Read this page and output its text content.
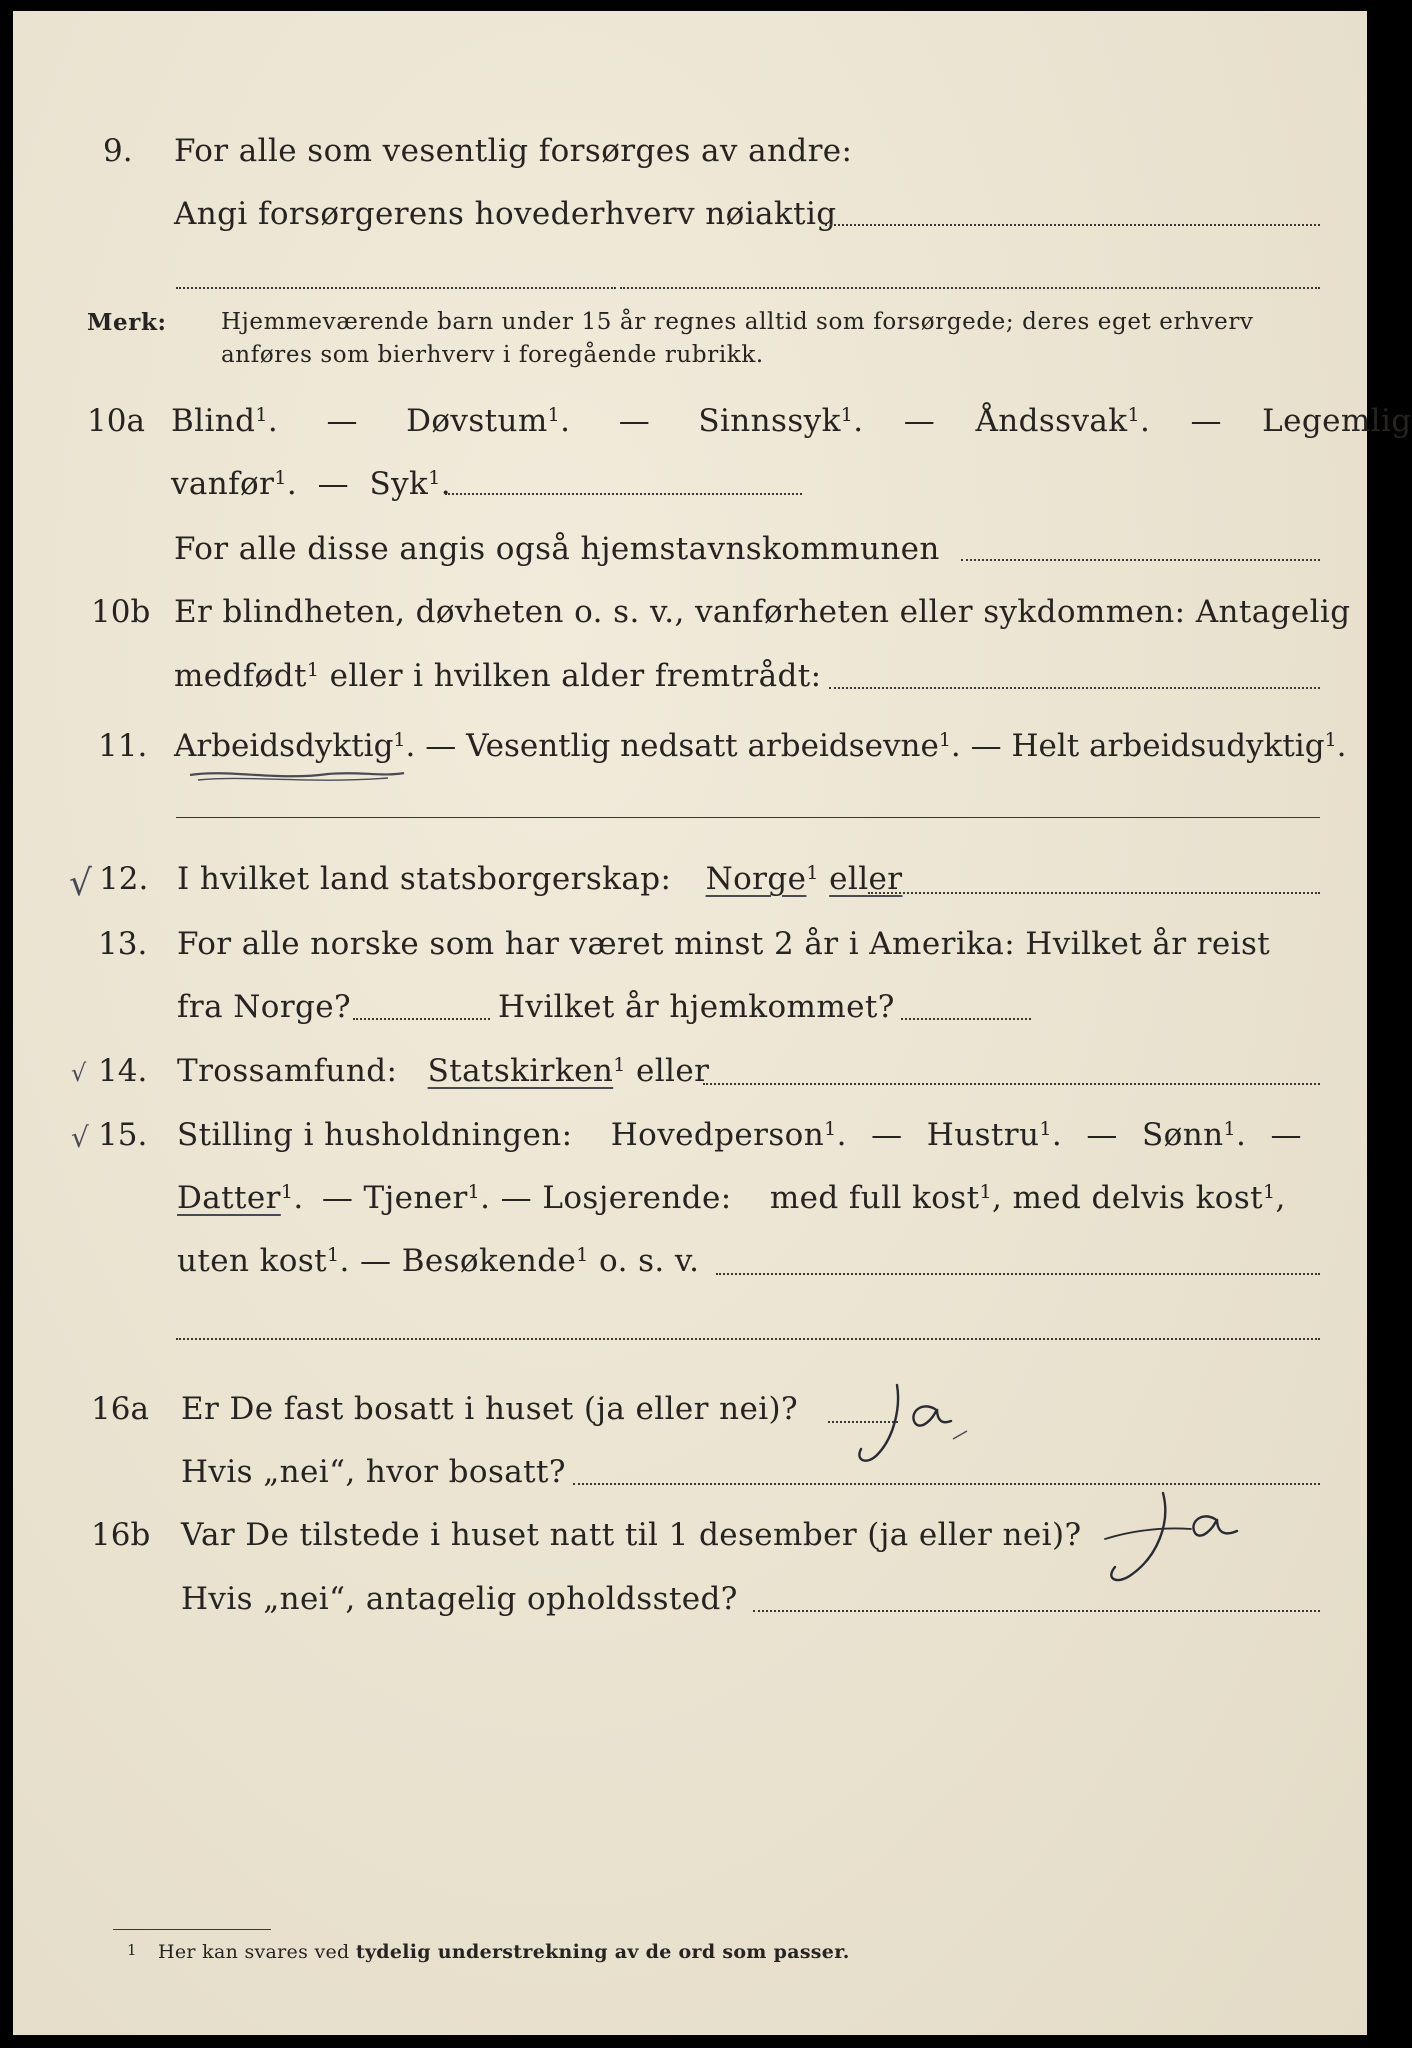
9. For alle som vesentlig forsørges av andre:
Angi forsørgerens hovederhverv nøiaktig
Merk: Hjemmeværende barn under 15 år regnes alltid som forsørgede; deres eget erhverv
anføres som bierhverv i foregående rubrikk.
10a Blind$^1$. — Døvstum$^1$. — Sinnssyk$^1$. — Åndssvak$^1$. — Legemlig
vanfør$^1$.  —  Syk$^1$.
For alle disse angis også hjemstavnskommunen
10b Er blindheten, døvheten o. s. v., vanførheten eller sykdommen: Antagelig
medfødt$^1$ eller i hvilken alder fremtrådt:
11. Arbeidsdyktig$^1$. — Vesentlig nedsatt arbeidsevne$^1$. — Helt arbeidsudyktig$^1$.
√ 12. I hvilket land statsborgerskap: Norge$^1$ eller
13. For alle norske som har været minst 2 år i Amerika: Hvilket år reist
fra Norge?	Hvilket år hjemkommet?
√ 14. Trossamfund: Statskirken$^1$ eller
√ 15. Stilling i husholdningen: Hovedperson$^1$. — Hustru$^1$. — Sønn$^1$. —
Datter$^1$. — Tjener$^1$. — Losjerende: med full kost$^1$, med delvis kost$^1$,
uten kost$^1$. — Besøkende$^1$ o. s. v.
16a Er De fast bosatt i huset (ja eller nei)?
Hvis „nei“, hvor bosatt?
16b Var De tilstede i huset natt til 1 desember (ja eller nei)?
Hvis „nei“, antagelig opholdssted?
1 Her kan svares ved tydelig understrekning av de ord som passer.
